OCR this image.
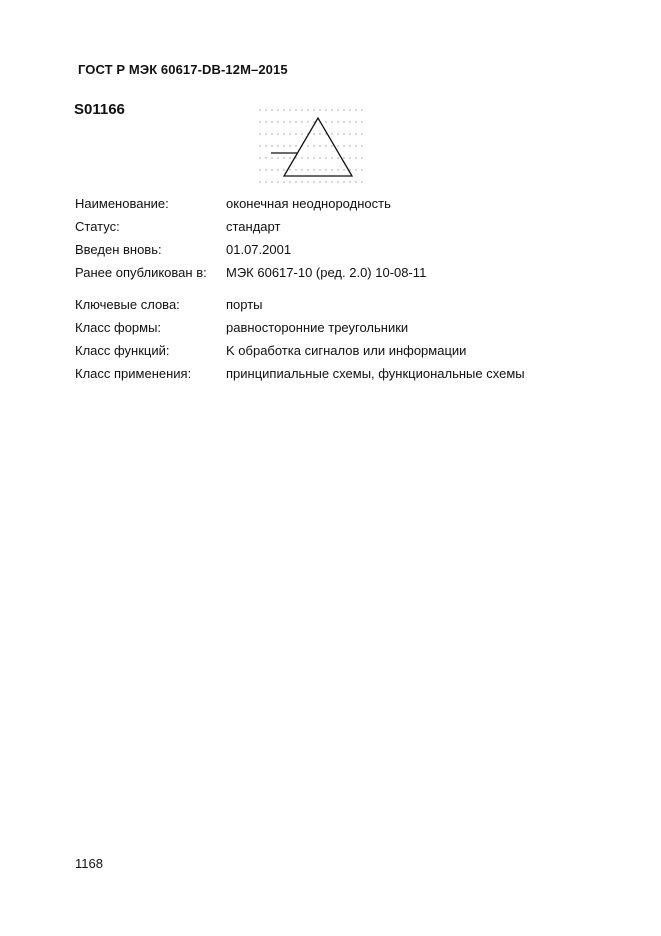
ГОСТ Р МЭК 60617-DB-12M–2015
S01166
Наименование:	оконечная неоднородность
Статус:	стандарт
Введен вновь:	01.07.2001
Ранее опубликован в: МЭК 60617-10 (ред. 2.0) 10-08-11
Ключевые слова:	порты
Класс формы:	равносторонние треугольники
Класс функций:	K обработка сигналов или информации
Класс применения:	принципиальные схемы, функциональные схемы
1168
